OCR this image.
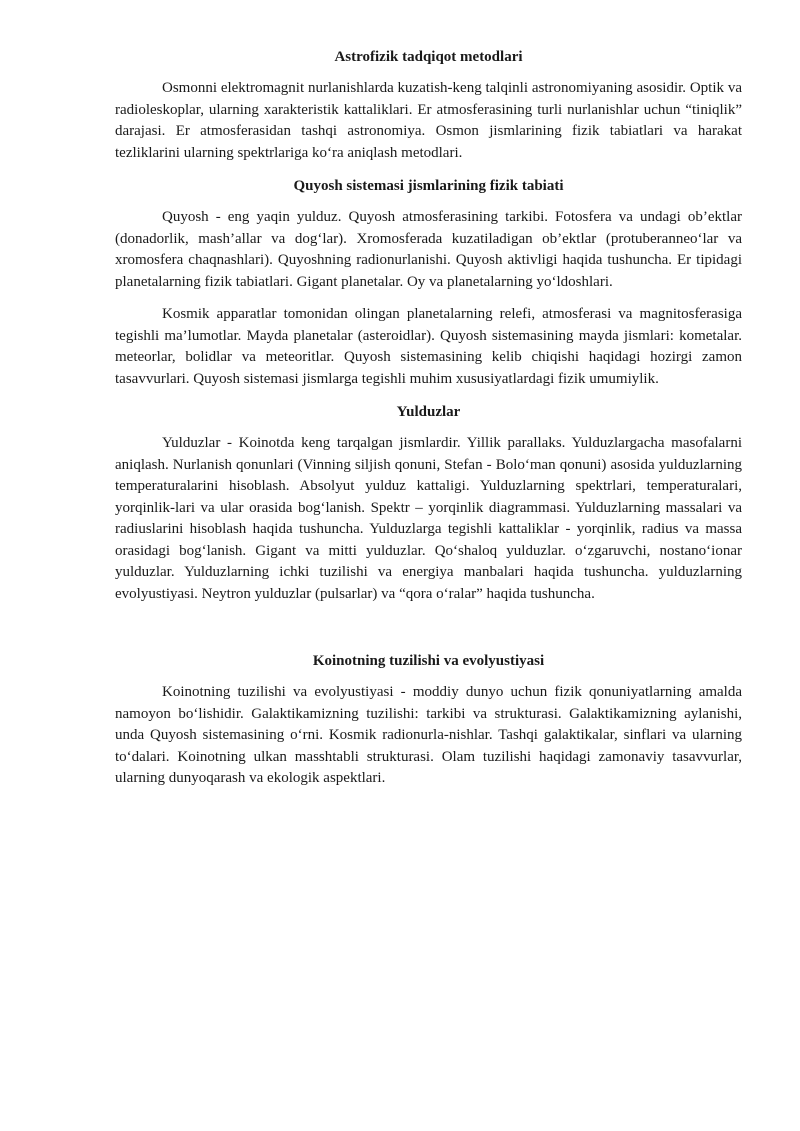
Astrofizik tadqiqot metodlari

Osmonni elektromagnit nurlanishlarda kuzatish-keng talqinli astronomiyaning asosidir. Optik va radioleskoplar, ularning xarakteristik kattaliklari. Er atmosferasining turli nurlanishlar uchun “tiniqlik” darajasi. Er atmosferasidan tashqi astronomiya. Osmon jismlarining fizik tabiatlari va harakat tezliklarini ularning spektrlariga ko‘ra aniqlash metodlari.

Quyosh sistemasi jismlarining fizik tabiati

Quyosh - eng yaqin yulduz. Quyosh atmosferasining tarkibi. Fotosfera va undagi ob’ektlar (donadorlik, mash’allar va dog‘lar). Xromosferada kuzatiladigan ob’ektlar (protuberanneo‘lar va xromosfera chaqnashlari). Quyoshning radionurlanishi. Quyosh aktivligi haqida tushuncha. Er tipidagi planetalarning fizik tabiatlari. Gigant planetalar. Oy va planetalarning yo‘ldoshlari.

Kosmik apparatlar tomonidan olingan planetalarning relefi, atmosferasi va magnitosferasiga tegishli ma’lumotlar. Mayda planetalar (asteroidlar). Quyosh sistemasining mayda jismlari: kometalar. meteorlar, bolidlar va meteoritlar. Quyosh sistemasining kelib chiqishi haqidagi hozirgi zamon tasavvurlari. Quyosh sistemasi jismlarga tegishli muhim xususiyatlardagi fizik umumiylik.

Yulduzlar

Yulduzlar - Koinotda keng tarqalgan jismlardir. Yillik parallaks. Yulduzlargacha masofalarni aniqlash. Nurlanish qonunlari (Vinning siljish qonuni, Stefan - Bolo‘man qonuni) asosida yulduzlarning temperaturalarini hisoblash. Absolyut yulduz kattaligi. Yulduzlarning spektrlari, temperaturalari, yorqinlik-lari va ular orasida bog‘lanish. Spektr – yorqinlik diagrammasi. Yulduzlarning massalari va radiuslarini hisoblash haqida tushuncha. Yulduzlarga tegishli kattaliklar - yorqinlik, radius va massa orasidagi bog‘lanish. Gigant va mitti yulduzlar. Qo‘shaloq yulduzlar. o‘zgaruvchi, nostano‘ionar yulduzlar. Yulduzlarning ichki tuzilishi va energiya manbalari haqida tushuncha. yulduzlarning evolyustiyasi. Neytron yulduzlar (pulsarlar) va “qora o‘ralar” haqida tushuncha.

Koinotning tuzilishi va evolyustiyasi

Koinotning tuzilishi va evolyustiyasi - moddiy dunyo uchun fizik qonuniyatlarning amalda namoyon bo‘lishidir. Galaktikamizning tuzilishi: tarkibi va strukturasi. Galaktikamizning aylanishi, unda Quyosh sistemasining o‘rni. Kosmik radionurla-nishlar. Tashqi galaktikalar, sinflari va ularning to‘dalari. Koinotning ulkan masshtabli strukturasi. Olam tuzilishi haqidagi zamonaviy tasavvurlar, ularning dunyoqarash va ekologik aspektlari.
